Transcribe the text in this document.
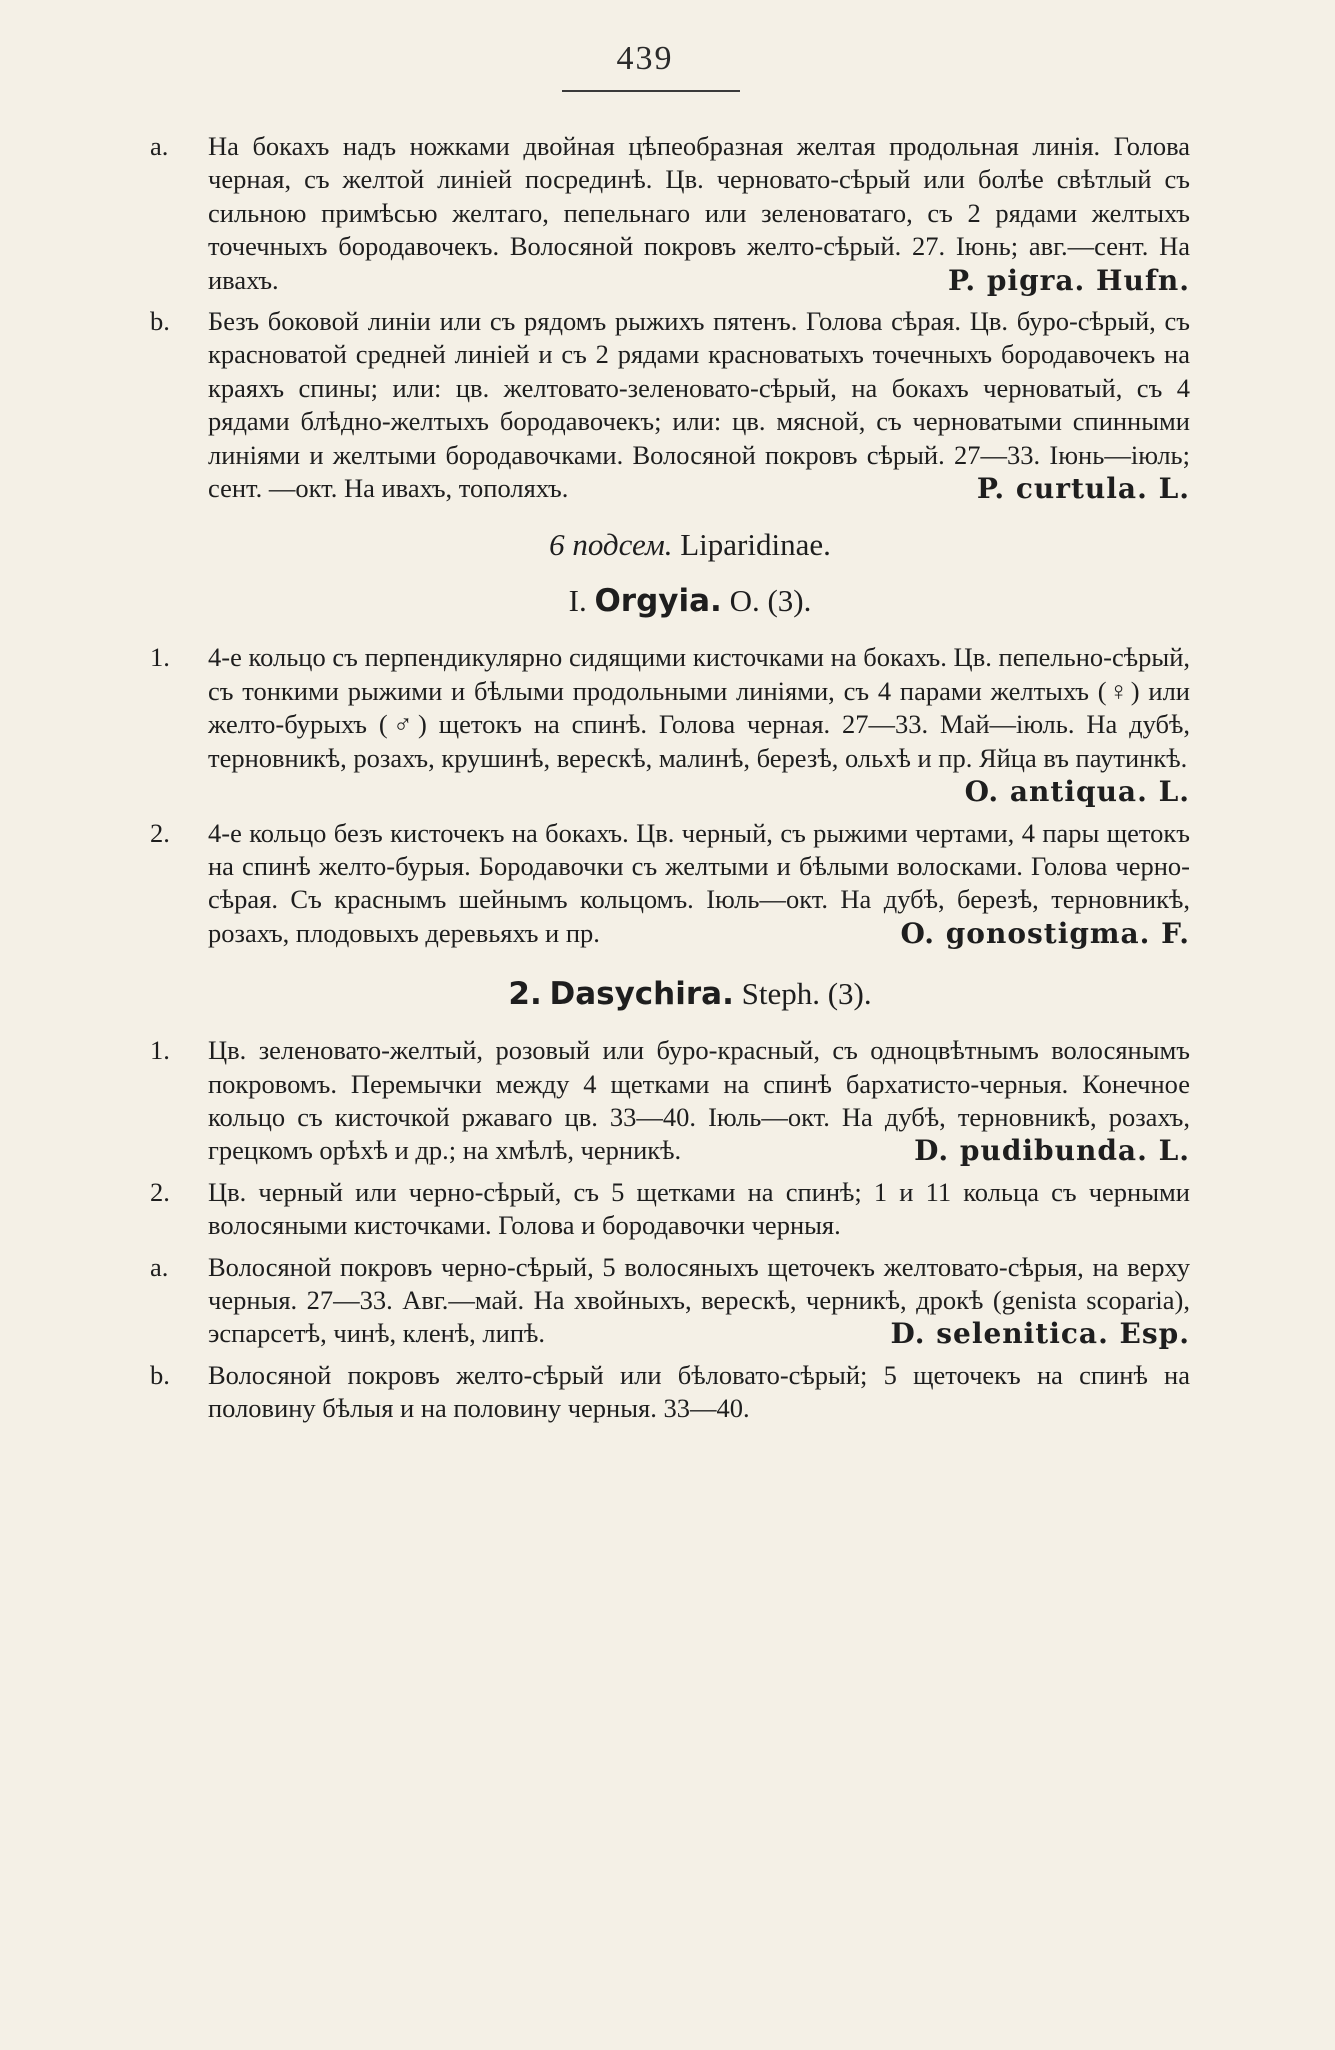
439
a.	На бокахъ надъ ножками двойная цѣпеобразная желтая продольная линія. Голова черная, съ желтой линіей посрединѣ. Цв. черновато-сѣрый или болѣе свѣтлый съ сильною примѣсью желтаго, пепельнаго или зеленоватаго, съ 2 рядами желтыхъ точечныхъ бородавочекъ. Волосяной покровъ желто-сѣрый. 27. Іюнь; авг.—сент. На ивахъ.	P. pigra. Hufn.
b.	Безъ боковой линіи или съ рядомъ рыжихъ пятенъ. Голова сѣрая. Цв. буро-сѣрый, съ красноватой средней линіей и съ 2 рядами красноватыхъ точечныхъ бородавочекъ на краяхъ спины; или: цв. желтовато-зеленовато-сѣрый, на бокахъ черноватый, съ 4 рядами блѣдно-желтыхъ бородавочекъ; или: цв. мясной, съ черноватыми спинными линіями и желтыми бородавочками. Волосяной покровъ сѣрый. 27—33. Іюнь—іюль; сент. —окт. На ивахъ, тополяхъ.	P. curtula. L.
6 подсем. Liparidinae.
I. Orgyia. O. (3).
1.	4-е кольцо съ перпендикулярно сидящими кисточками на бокахъ. Цв. пепельно-сѣрый, съ тонкими рыжими и бѣлыми продольными линіями, съ 4 парами желтыхъ (♀) или желто-бурыхъ (♂) щетокъ на спинѣ. Голова черная. 27—33. Май—іюль. На дубѣ, терновникѣ, розахъ, крушинѣ, верескѣ, малинѣ, березѣ, ольхѣ и пр. Яйца въ паутинкѣ.
O. antiqua. L.
2.	4-е кольцо безъ кисточекъ на бокахъ. Цв. черный, съ рыжими чертами, 4 пары щетокъ на спинѣ желто-бурыя. Бородавочки съ желтыми и бѣлыми волосками. Голова черно-сѣрая. Съ краснымъ шейнымъ кольцомъ. Іюль—окт. На дубѣ, березѣ, терновникѣ, розахъ, плодовыхъ деревьяхъ и пр.	O. gonostigma. F.
2. Dasychira. Steph. (3).
1.	Цв. зеленовато-желтый, розовый или буро-красный, съ одноцвѣтнымъ волосянымъ покровомъ. Перемычки между 4 щетками на спинѣ бархатисто-черныя. Конечное кольцо съ кисточкой ржаваго цв. 33—40. Іюль—окт. На дубѣ, терновникѣ, розахъ, грецкомъ орѣхѣ и др.; на хмѣлѣ, черникѣ.	D. pudibunda. L.
2.	Цв. черный или черно-сѣрый, съ 5 щетками на спинѣ; 1 и 11 кольца съ черными волосяными кисточками. Голова и бородавочки черныя.
a.	Волосяной покровъ черно-сѣрый, 5 волосяныхъ щеточекъ желтовато-сѣрыя, на верху черныя. 27—33. Авг.—май. На хвойныхъ, верескѣ, черникѣ, дрокѣ (genista scoparia), эспарсетѣ, чинѣ, кленѣ, липѣ.	D. selenitica. Esp.
b.	Волосяной покровъ желто-сѣрый или бѣловато-сѣрый; 5 щеточекъ на спинѣ на половину бѣлыя и на половину черныя. 33—40.
